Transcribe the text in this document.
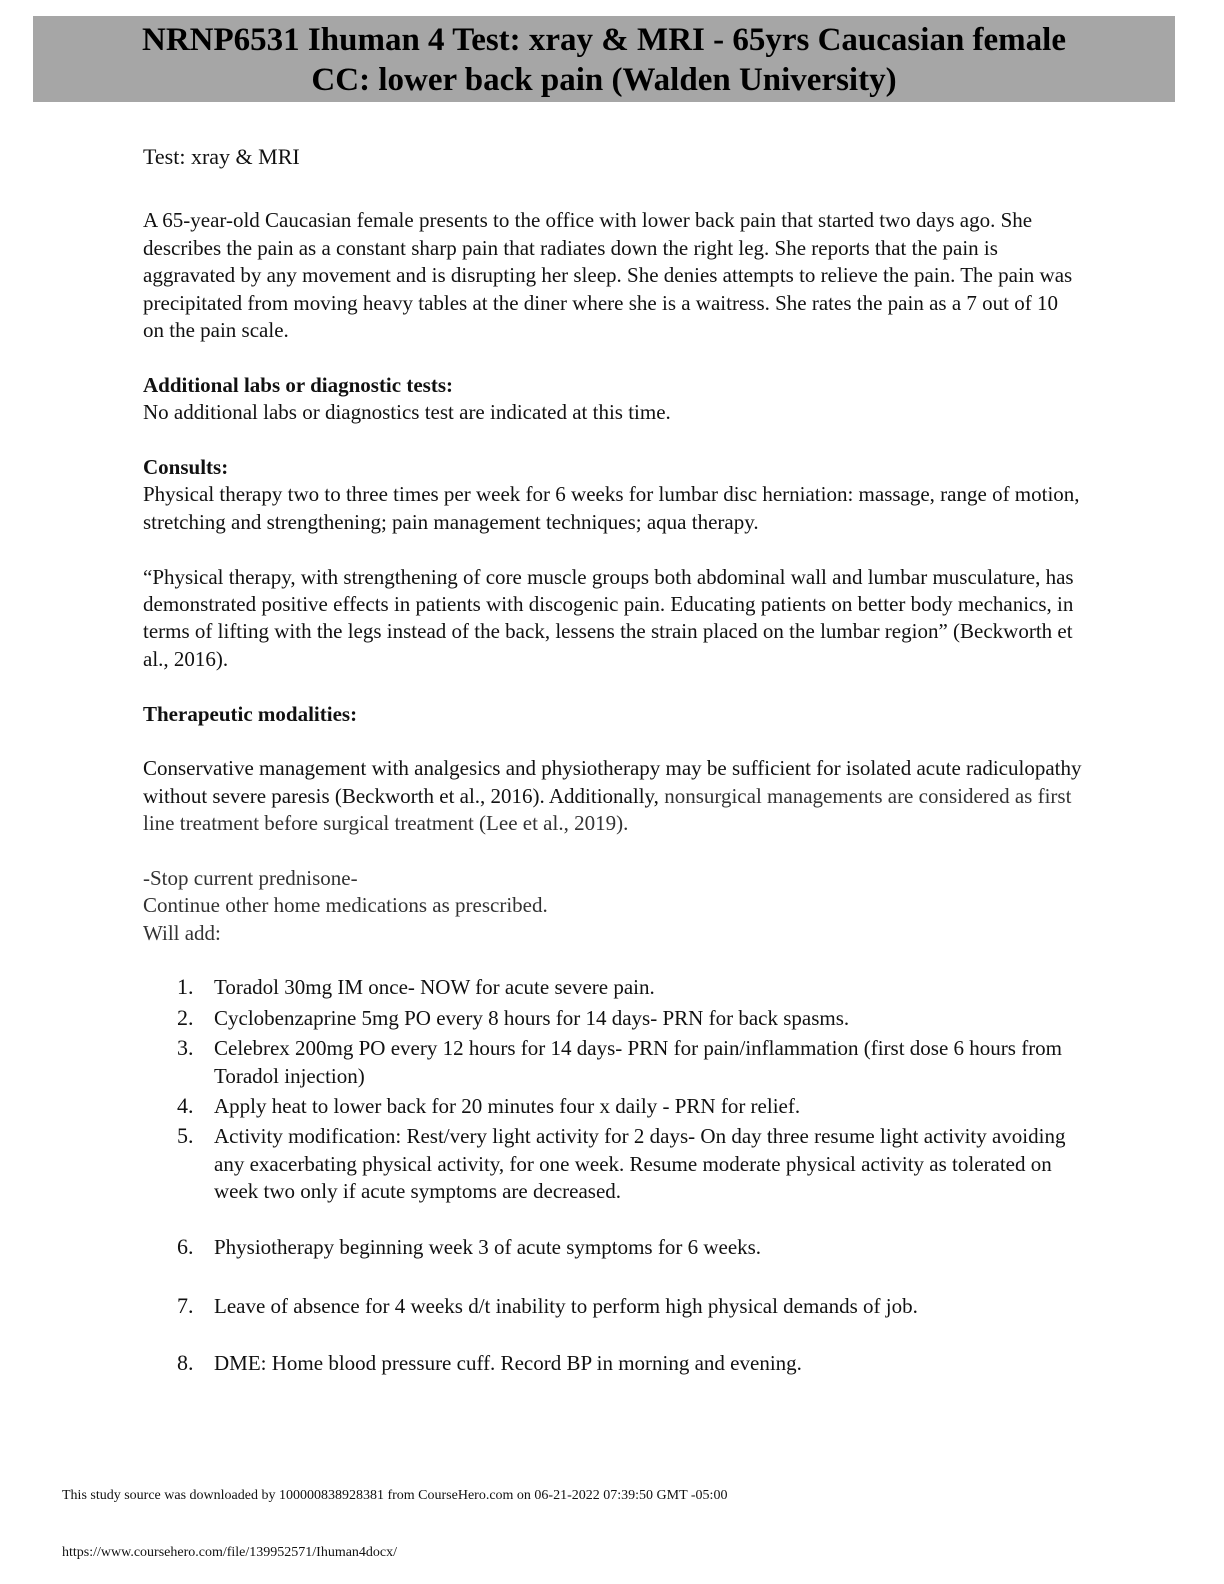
NRNP6531 Ihuman 4 Test: xray & MRI - 65yrs Caucasian female
CC: lower back pain (Walden University)

Test: xray & MRI

A 65-year-old Caucasian female presents to the office with lower back pain that started two days ago. She describes the pain as a constant sharp pain that radiates down the right leg. She reports that the pain is aggravated by any movement and is disrupting her sleep. She denies attempts to relieve the pain. The pain was precipitated from moving heavy tables at the diner where she is a waitress. She rates the pain as a 7 out of 10 on the pain scale.

Additional labs or diagnostic tests:

No additional labs or diagnostics test are indicated at this time.

Consults:

Physical therapy two to three times per week for 6 weeks for lumbar disc herniation: massage, range of motion, stretching and strengthening; pain management techniques; aqua therapy.

“Physical therapy, with strengthening of core muscle groups both abdominal wall and lumbar musculature, has demonstrated positive effects in patients with discogenic pain. Educating patients on better body mechanics, in terms of lifting with the legs instead of the back, lessens the strain placed on the lumbar region” (Beckworth et al., 2016).

Therapeutic modalities:

Conservative management with analgesics and physiotherapy may be sufficient for isolated acute radiculopathy without severe paresis (Beckworth et al., 2016). Additionally, nonsurgical managements are considered as first line treatment before surgical treatment (Lee et al., 2019).

-Stop current prednisone-

Continue other home medications as prescribed.

Will add:

1. Toradol 30mg IM once- NOW for acute severe pain.
2. Cyclobenzaprine 5mg PO every 8 hours for 14 days- PRN for back spasms.
3. Celebrex 200mg PO every 12 hours for 14 days- PRN for pain/inflammation (first dose 6 hours from Toradol injection)
4. Apply heat to lower back for 20 minutes four x daily - PRN for relief.
5. Activity modification: Rest/very light activity for 2 days- On day three resume light activity avoiding any exacerbating physical activity, for one week. Resume moderate physical activity as tolerated on week two only if acute symptoms are decreased.
6. Physiotherapy beginning week 3 of acute symptoms for 6 weeks.
7. Leave of absence for 4 weeks d/t inability to perform high physical demands of job.
8. DME: Home blood pressure cuff. Record BP in morning and evening.
This study source was downloaded by 100000838928381 from CourseHero.com on 06-21-2022 07:39:50 GMT -05:00
https://www.coursehero.com/file/139952571/Ihuman4docx/
